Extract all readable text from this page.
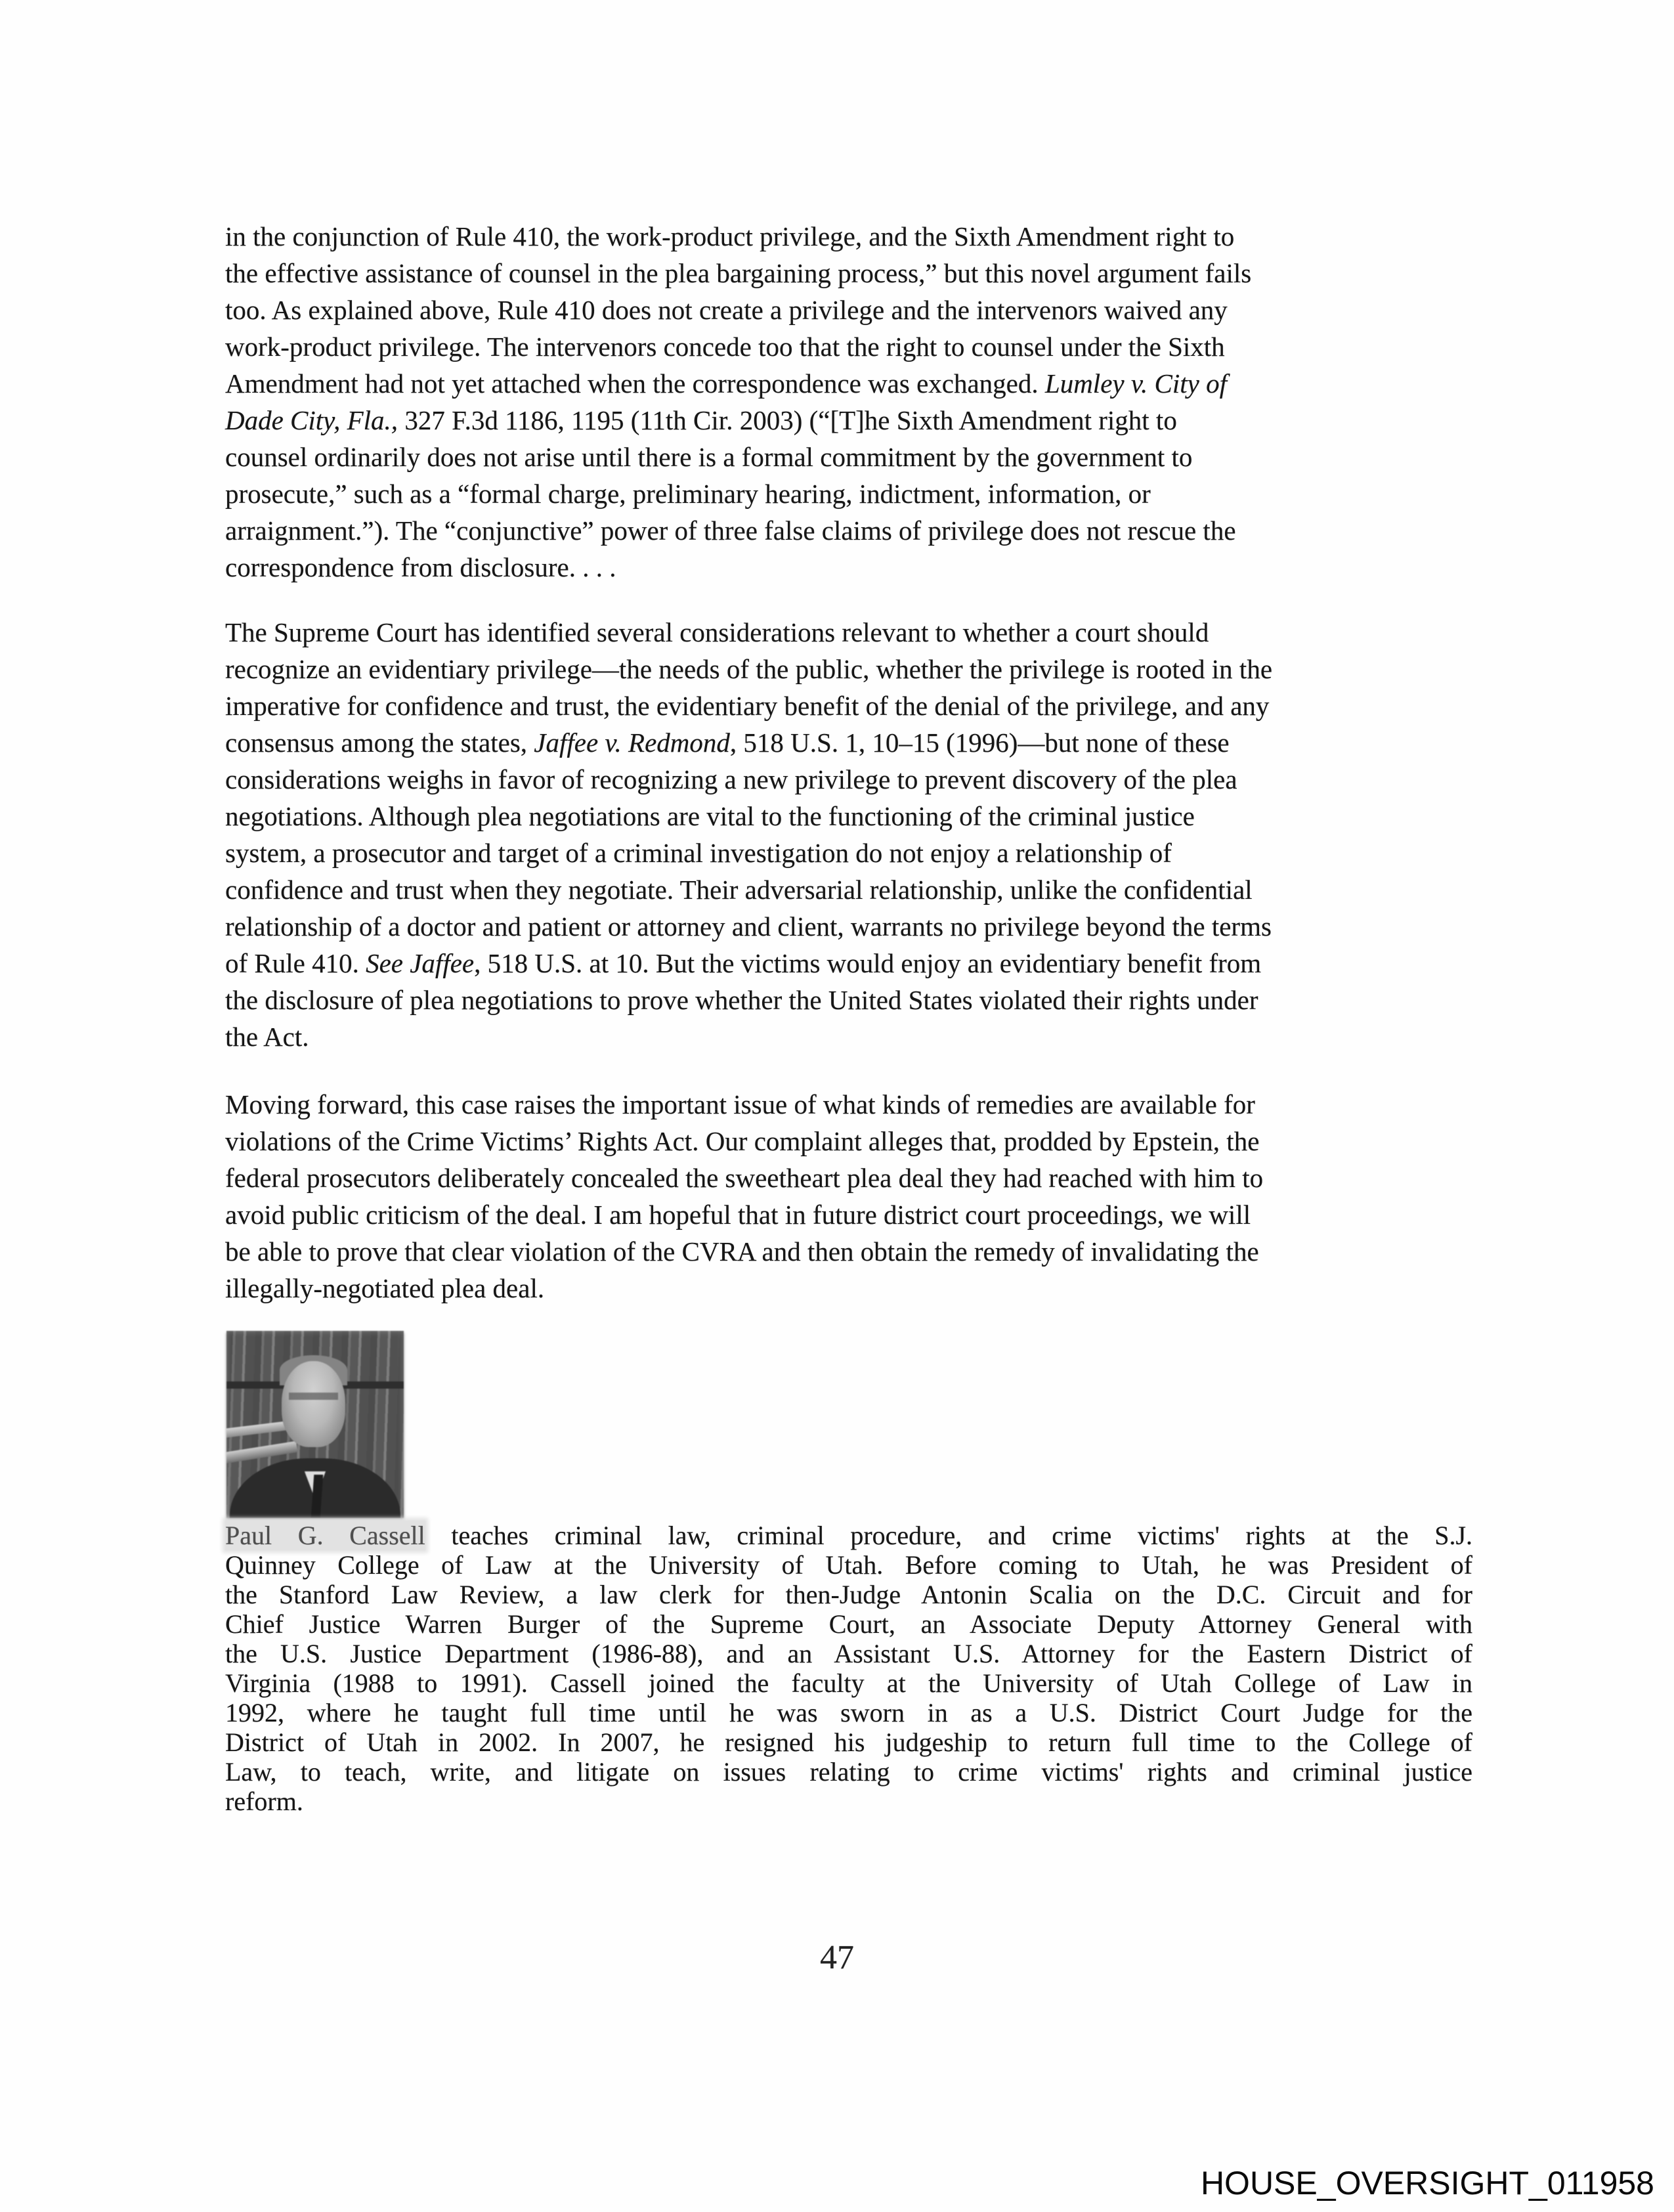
in the conjunction of Rule 410, the work-product privilege, and the Sixth Amendment right to
the effective assistance of counsel in the plea bargaining process,” but this novel argument fails
too. As explained above, Rule 410 does not create a privilege and the intervenors waived any
work-product privilege. The intervenors concede too that the right to counsel under the Sixth
Amendment had not yet attached when the correspondence was exchanged. Lumley v. City of
Dade City, Fla., 327 F.3d 1186, 1195 (11th Cir. 2003) (“[T]he Sixth Amendment right to
counsel ordinarily does not arise until there is a formal commitment by the government to
prosecute,” such as a “formal charge, preliminary hearing, indictment, information, or
arraignment.”). The “conjunctive” power of three false claims of privilege does not rescue the
correspondence from disclosure. . . .
The Supreme Court has identified several considerations relevant to whether a court should
recognize an evidentiary privilege—the needs of the public, whether the privilege is rooted in the
imperative for confidence and trust, the evidentiary benefit of the denial of the privilege, and any
consensus among the states, Jaffee v. Redmond, 518 U.S. 1, 10–15 (1996)—but none of these
considerations weighs in favor of recognizing a new privilege to prevent discovery of the plea
negotiations. Although plea negotiations are vital to the functioning of the criminal justice
system, a prosecutor and target of a criminal investigation do not enjoy a relationship of
confidence and trust when they negotiate. Their adversarial relationship, unlike the confidential
relationship of a doctor and patient or attorney and client, warrants no privilege beyond the terms
of Rule 410. See Jaffee, 518 U.S. at 10. But the victims would enjoy an evidentiary benefit from
the disclosure of plea negotiations to prove whether the United States violated their rights under
the Act.
Moving forward, this case raises the important issue of what kinds of remedies are available for
violations of the Crime Victims’ Rights Act. Our complaint alleges that, prodded by Epstein, the
federal prosecutors deliberately concealed the sweetheart plea deal they had reached with him to
avoid public criticism of the deal. I am hopeful that in future district court proceedings, we will
be able to prove that clear violation of the CVRA and then obtain the remedy of invalidating the
illegally-negotiated plea deal.
Paul G. Cassell teaches criminal law, criminal procedure, and crime victims' rights at the S.J.
Quinney College of Law at the University of Utah. Before coming to Utah, he was President of
the Stanford Law Review, a law clerk for then-Judge Antonin Scalia on the D.C. Circuit and for
Chief Justice Warren Burger of the Supreme Court, an Associate Deputy Attorney General with
the U.S. Justice Department (1986-88), and an Assistant U.S. Attorney for the Eastern District of
Virginia (1988 to 1991). Cassell joined the faculty at the University of Utah College of Law in
1992, where he taught full time until he was sworn in as a U.S. District Court Judge for the
District of Utah in 2002. In 2007, he resigned his judgeship to return full time to the College of
Law, to teach, write, and litigate on issues relating to crime victims' rights and criminal justice
reform.
47
HOUSE_OVERSIGHT_011958
